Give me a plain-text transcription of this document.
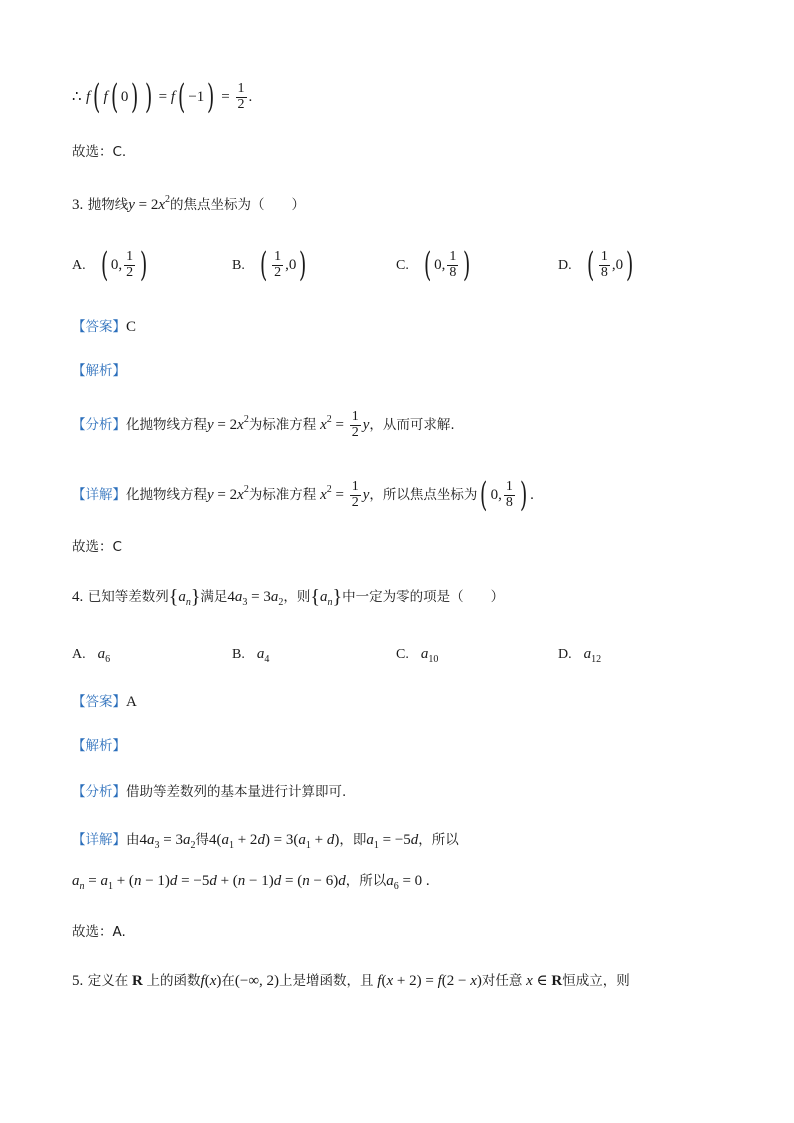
∴ f( f( 0) ) = $f( -1) = \frac{1}{2}$ .
故选：C.
3. 抛物线$y = 2x^2$的焦点坐标为（　　）
A. ( 0, $\frac{1}{2}$ )	B. ( $\frac{1}{2} ,0$)	C. ( 0, $\frac{1}{8}$ )	D. ( $\frac{1}{8} ,0$)
【答案】C
【解析】
【分析】化抛物线方程$y = 2x^2$为标准方程 $x^2 = \frac{1}{2}$ y，从而可求解.
【详解】化抛物线方程$y = 2x^2$为标准方程 $x^2 = \frac{1}{2}$ y，所以焦点坐标为( 0, $\frac{1}{8}$ ) .
故选：C
4. 已知等差数列$\{a_n\}$满足$4a_3 = 3a_2$，则$\{a_n\}$中一定为零的项是（　　）
A. $a_6$	B. $a_4$	C. $a_{10}$	D. $a_{12}$
【答案】A
【解析】
【分析】借助等差数列的基本量进行计算即可.
【详解】由$4a_3 = 3a_2$得$4(a_1 + 2d) = 3(a_1 + d)$，即$a_1 = -5d$，所以
$a_n = a_1 + (n - 1)d = -5d + (n - 1)d = (n - 6)d$，所以$a_6 = 0$ .
故选：A.
5. 定义在 R 上的函数f(x)在(−∞, 2)上是增函数，且 f(x + 2) = f(2 − x)对任意 x ∈ R恒成立，则
